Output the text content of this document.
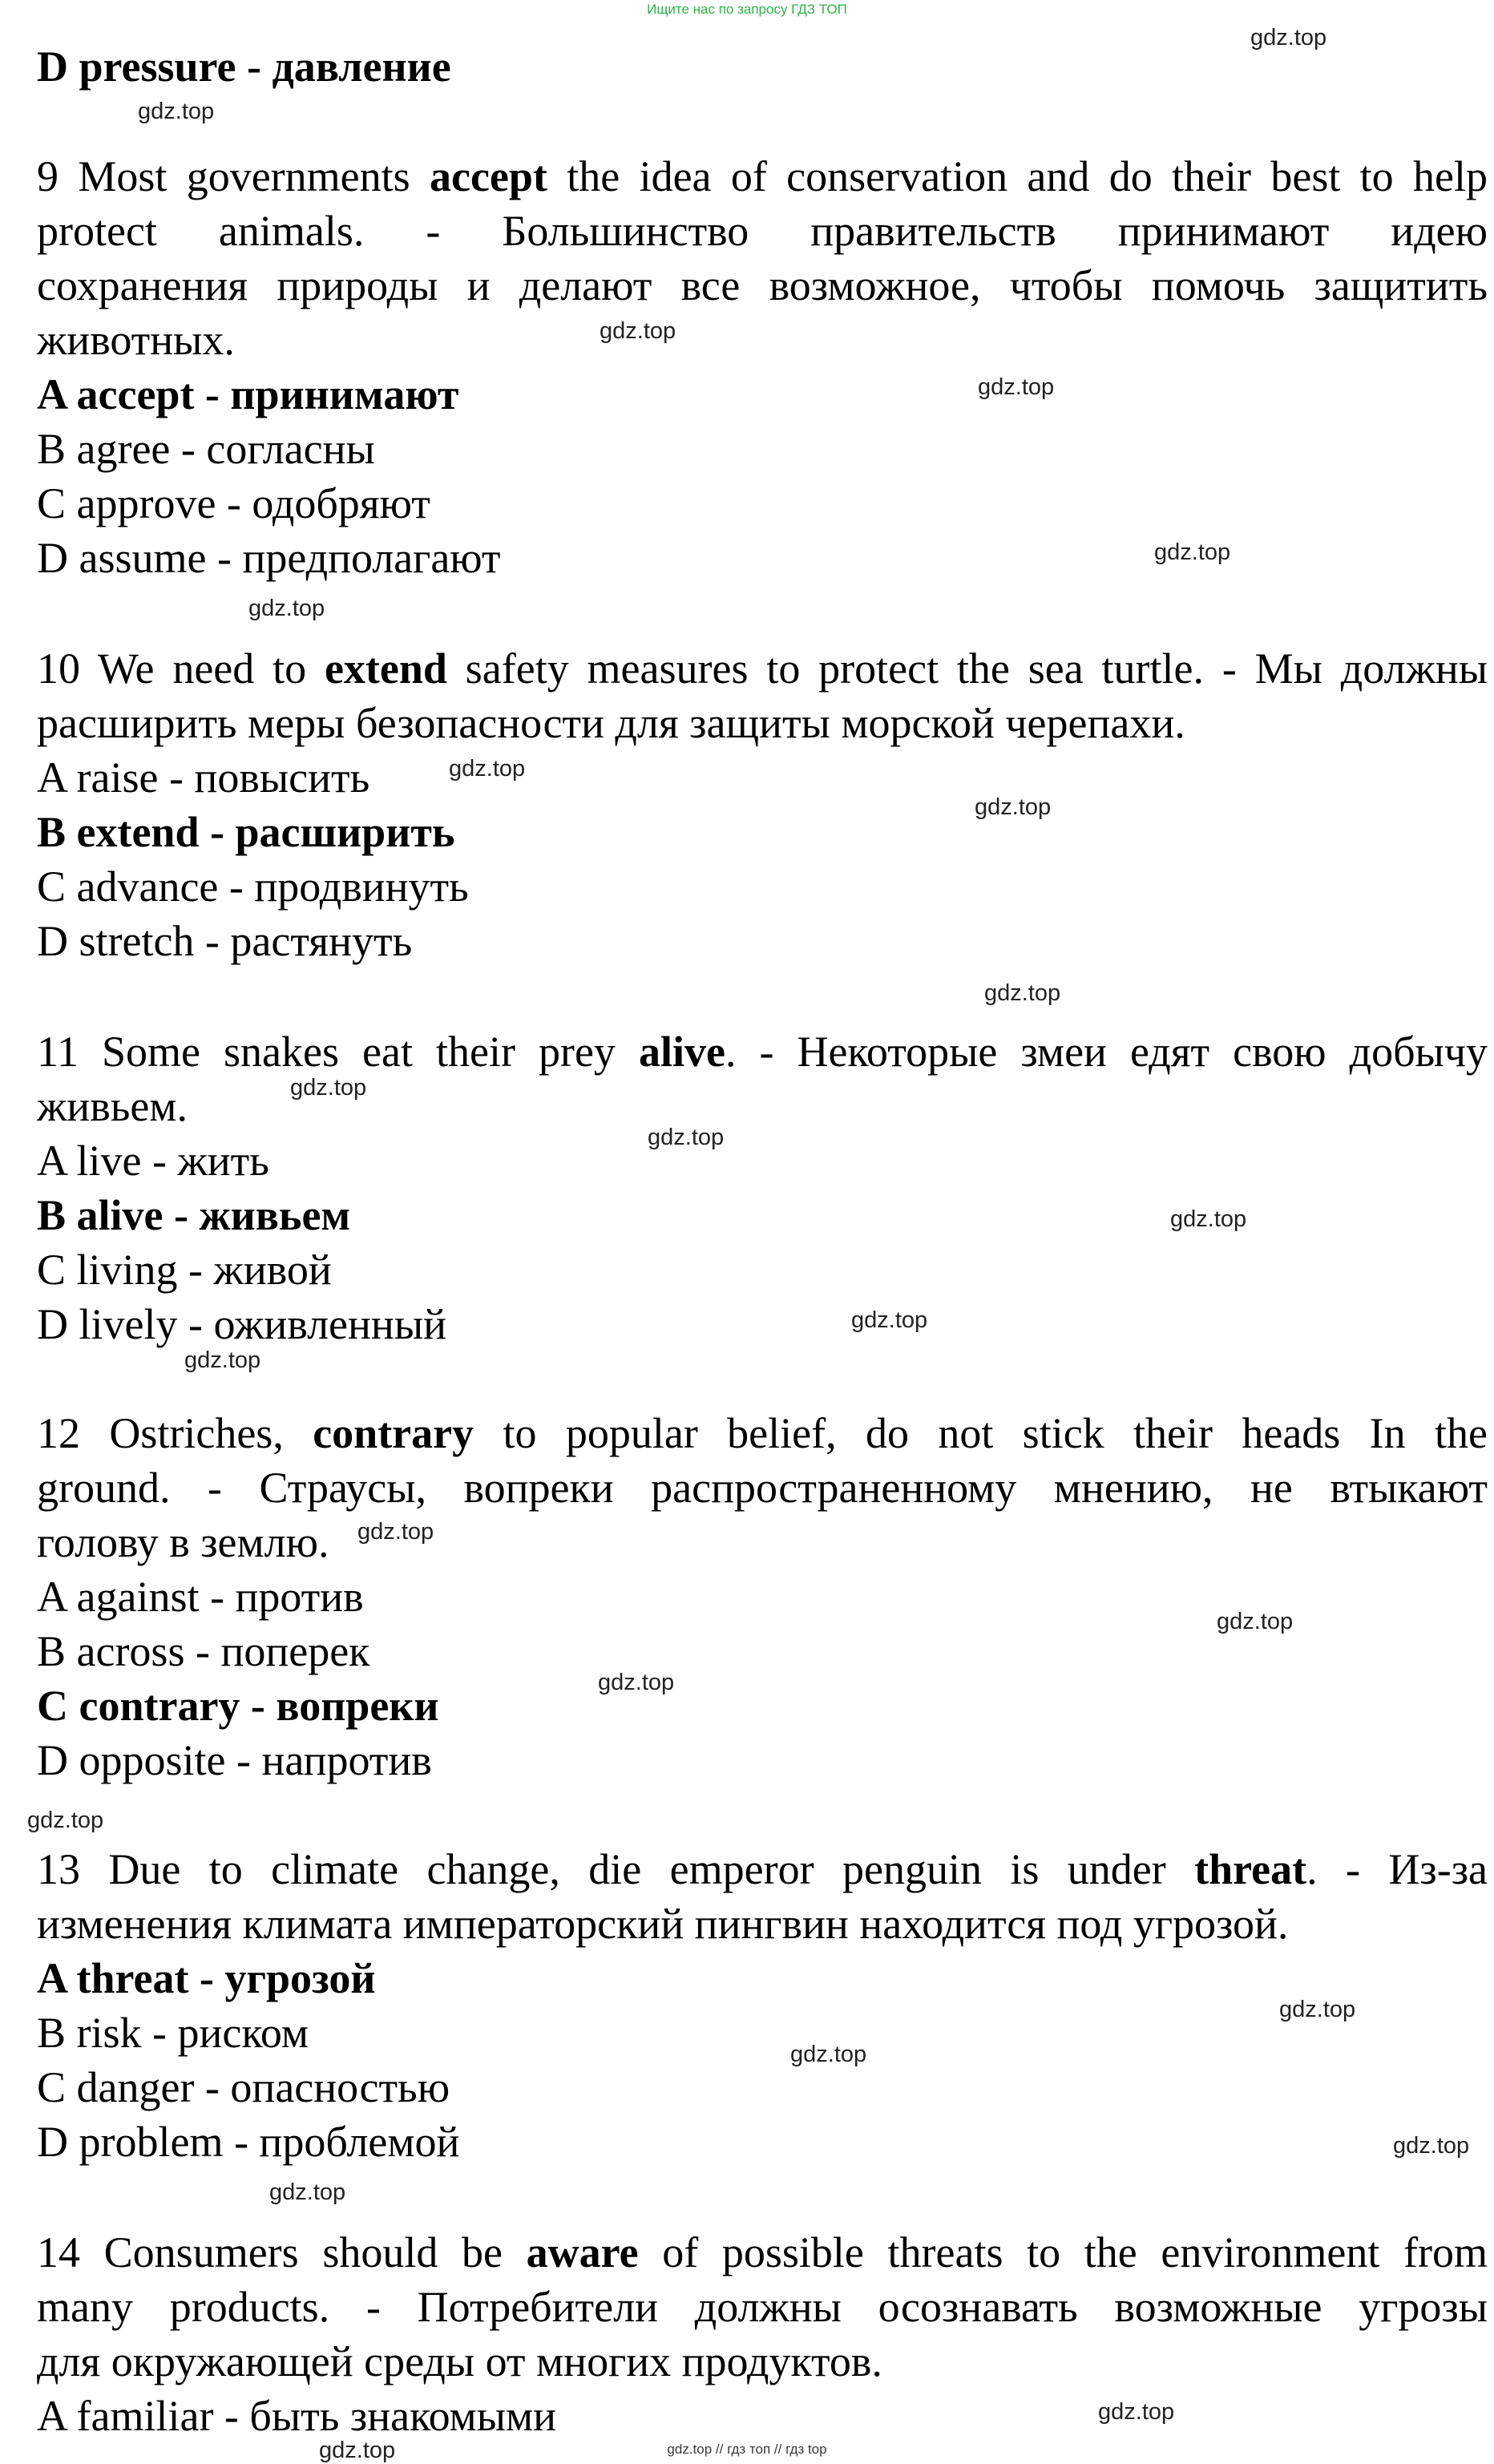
Ищите нас по запросу ГДЗ ТОП
D pressure - давление
9 Most governments accept the idea of conservation and do their best to help
protect animals. - Большинство правительств принимают идею
сохранения природы и делают все возможное, чтобы помочь защитить
животных.
A accept - принимают
B agree - согласны
C approve - одобряют
D assume - предполагают
10 We need to extend safety measures to protect the sea turtle. - Мы должны
расширить меры безопасности для защиты морской черепахи.
A raise - повысить
B extend - расширить
C advance - продвинуть
D stretch - растянуть
11 Some snakes eat their prey alive. - Некоторые змеи едят свою добычу
живьем.
A live - жить
B alive - живьем
C living - живой
D lively - оживленный
12 Ostriches, contrary to popular belief, do not stick their heads In the
ground. - Страусы, вопреки распространенному мнению, не втыкают
голову в землю.
A against - против
B across - поперек
C contrary - вопреки
D opposite - напротив
13 Due to climate change, die emperor penguin is under threat. - Из-за
изменения климата императорский пингвин находится под угрозой.
A threat - угрозой
B risk - риском
C danger - опасностью
D problem - проблемой
14 Consumers should be aware of possible threats to the environment from
many products. - Потребители должны осознавать возможные угрозы
для окружающей среды от многих продуктов.
A familiar - быть знакомыми
gdz.top
gdz.top
gdz.top
gdz.top
gdz.top
gdz.top
gdz.top
gdz.top
gdz.top
gdz.top
gdz.top
gdz.top
gdz.top
gdz.top
gdz.top
gdz.top
gdz.top
gdz.top
gdz.top
gdz.top
gdz.top
gdz.top
gdz.top
gdz.top	gdz.top // гдз топ // гдз top
